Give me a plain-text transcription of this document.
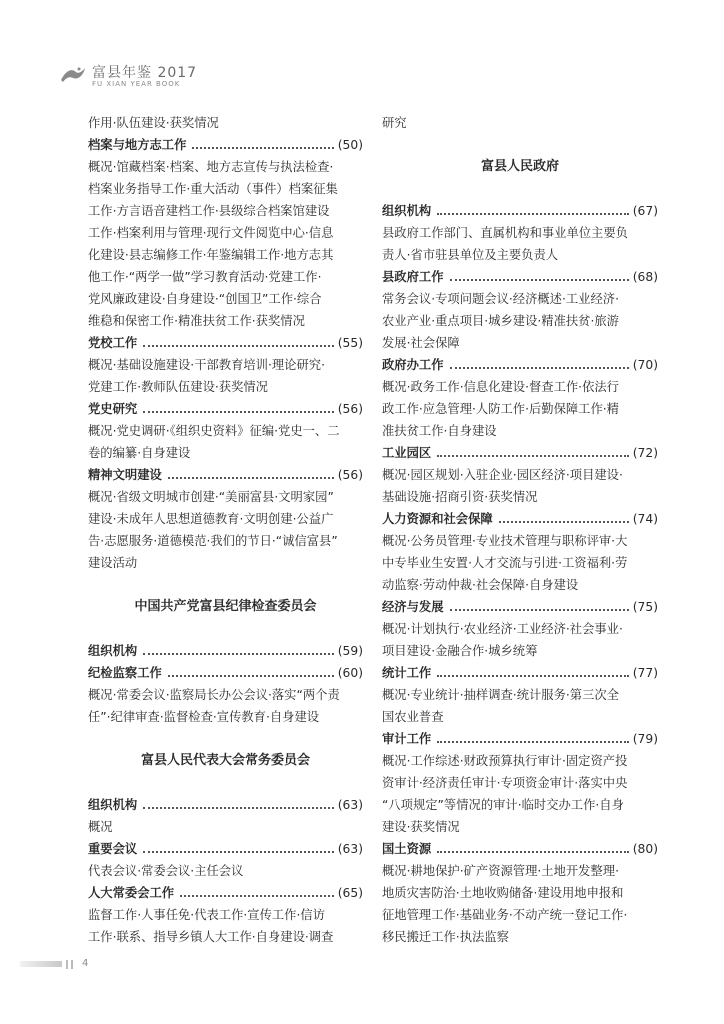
富县年鉴 2017
FU XIAN YEAR BOOK
作用·队伍建设·获奖情况
档案与地方志工作	(50)
概况·馆藏档案·档案、地方志宣传与执法检查·
档案业务指导工作·重大活动（事件）档案征集
工作·方言语音建档工作·县级综合档案馆建设
工作·档案利用与管理·现行文件阅览中心·信息
化建设·县志编修工作·年鉴编辑工作·地方志其
他工作·“两学一做”学习教育活动·党建工作·
党风廉政建设·自身建设·“创国卫”工作·综合
维稳和保密工作·精准扶贫工作·获奖情况
党校工作	(55)
概况·基础设施建设·干部教育培训·理论研究·
党建工作·教师队伍建设·获奖情况
党史研究	(56)
概况·党史调研·《组织史资料》征编·党史一、二
卷的编纂·自身建设
精神文明建设	(56)
概况·省级文明城市创建·“美丽富县·文明家园”
建设·未成年人思想道德教育·文明创建·公益广
告·志愿服务·道德模范·我们的节日·“诚信富县”
建设活动
中国共产党富县纪律检查委员会
组织机构	(59)
纪检监察工作	(60)
概况·常委会议·监察局长办公会议·落实“两个责
任”·纪律审查·监督检查·宣传教育·自身建设
富县人民代表大会常务委员会
组织机构	(63)
概况
重要会议	(63)
代表会议·常委会议·主任会议
人大常委会工作	(65)
监督工作·人事任免·代表工作·宣传工作·信访
工作·联系、指导乡镇人大工作·自身建设·调查
研究
富县人民政府
组织机构	(67)
县政府工作部门、直属机构和事业单位主要负
责人·省市驻县单位及主要负责人
县政府工作	(68)
常务会议·专项问题会议·经济概述·工业经济·
农业产业·重点项目·城乡建设·精准扶贫·旅游
发展·社会保障
政府办工作	(70)
概况·政务工作·信息化建设·督查工作·依法行
政工作·应急管理·人防工作·后勤保障工作·精
准扶贫工作·自身建设
工业园区	(72)
概况·园区规划·入驻企业·园区经济·项目建设·
基础设施·招商引资·获奖情况
人力资源和社会保障	(74)
概况·公务员管理·专业技术管理与职称评审·大
中专毕业生安置·人才交流与引进·工资福利·劳
动监察·劳动仲裁·社会保障·自身建设
经济与发展	(75)
概况·计划执行·农业经济·工业经济·社会事业·
项目建设·金融合作·城乡统筹
统计工作	(77)
概况·专业统计·抽样调查·统计服务·第三次全
国农业普查
审计工作	(79)
概况·工作综述·财政预算执行审计·固定资产投
资审计·经济责任审计·专项资金审计·落实中央
“八项规定”等情况的审计·临时交办工作·自身
建设·获奖情况
国土资源	(80)
概况·耕地保护·矿产资源管理·土地开发整理·
地质灾害防治·土地收购储备·建设用地申报和
征地管理工作·基础业务·不动产统一登记工作·
移民搬迁工作·执法监察
4
